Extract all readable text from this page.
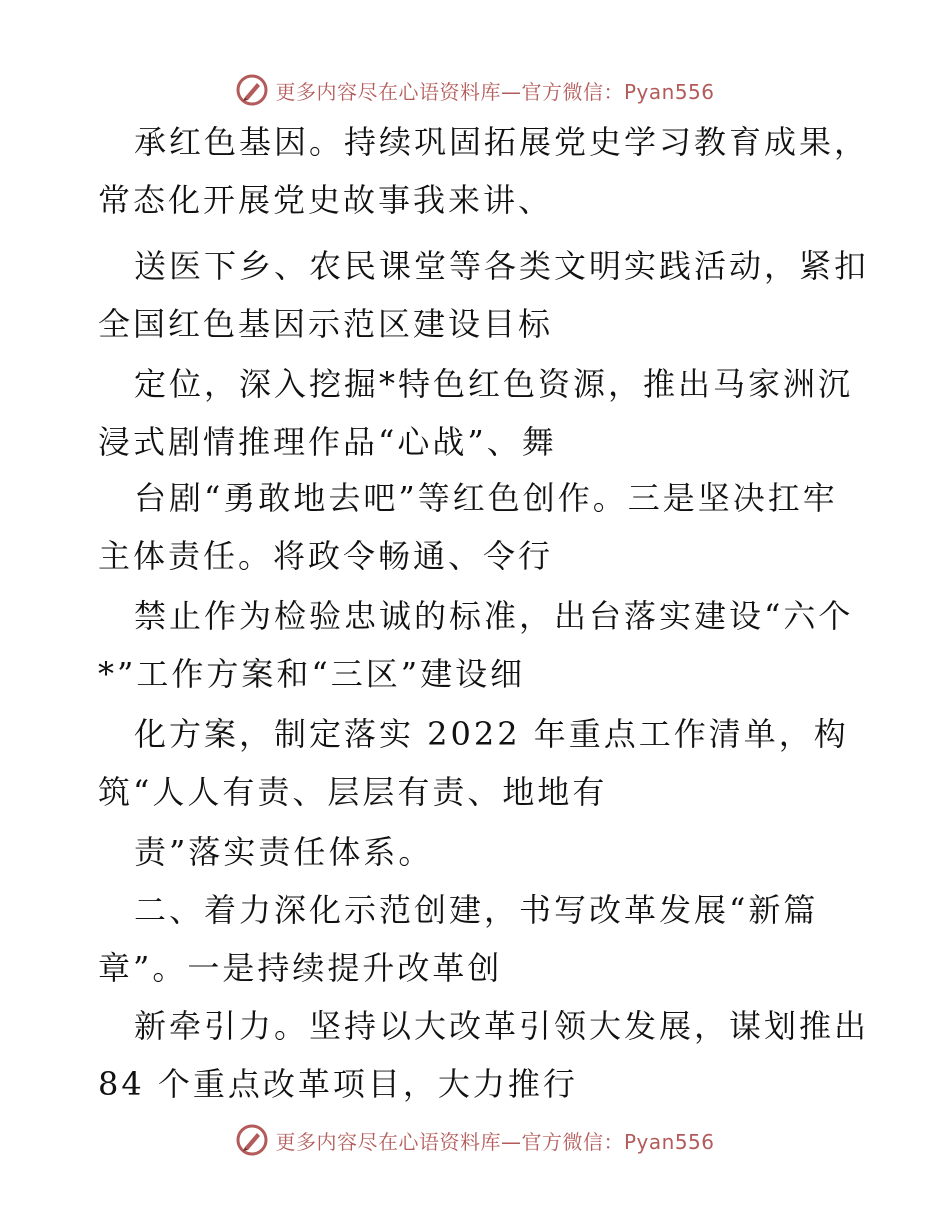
更多内容尽在心语资料库—官方微信：Pyan556
承红色基因。持续巩固拓展党史学习教育成果，
常态化开展党史故事我来讲、
送医下乡、农民课堂等各类文明实践活动，紧扣
全国红色基因示范区建设目标
定位，深入挖掘*特色红色资源，推出马家洲沉
浸式剧情推理作品“心战”、舞
台剧“勇敢地去吧”等红色创作。三是坚决扛牢
主体责任。将政令畅通、令行
禁止作为检验忠诚的标准，出台落实建设“六个
*”工作方案和“三区”建设细
化方案，制定落实 2022 年重点工作清单，构
筑“人人有责、层层有责、地地有
责”落实责任体系。
二、着力深化示范创建，书写改革发展“新篇
章”。一是持续提升改革创
新牵引力。坚持以大改革引领大发展，谋划推出
84 个重点改革项目，大力推行
更多内容尽在心语资料库—官方微信：Pyan556
